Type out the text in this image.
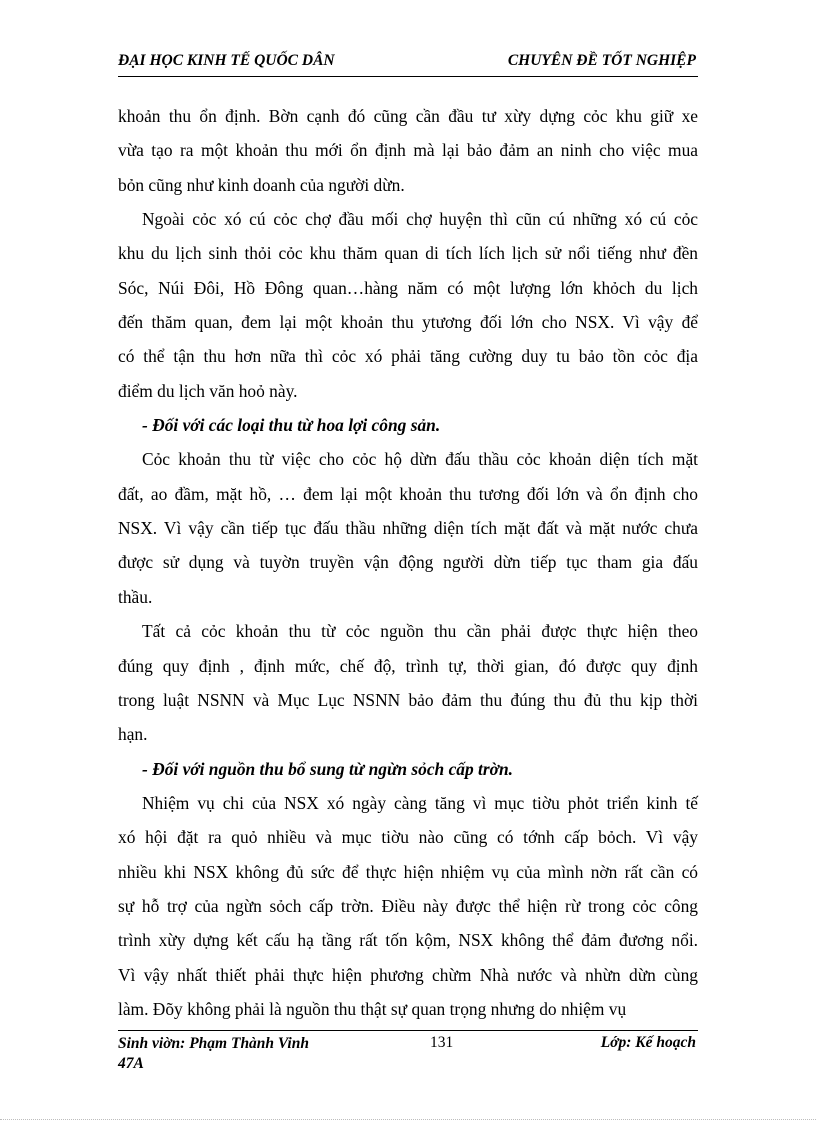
ĐẠI HỌC KINH TẾ QUỐC DÂN	CHUYÊN ĐỀ TỐT NGHIỆP
khoản thu ổn định. Bờn cạnh đó cũng cần đầu tư xừy dựng cỏc khu giữ xe
vừa tạo ra một khoản thu mới ổn định mà lại bảo đảm an ninh cho việc mua
bỏn cũng như kinh doanh của người dừn.
Ngoài cỏc xó cú cỏc chợ đầu mối chợ huyện thì cũn cú những xó cú cỏc
khu du lịch sinh thỏi cỏc khu thăm quan di tích lích lịch sử nổi tiếng như đền
Sóc, Núi Đôi, Hồ Đông quan…hàng năm có một lượng lớn khỏch du lịch
đến thăm quan, đem lại một khoản thu ytương đối lớn cho NSX. Vì vậy để
có thể tận thu hơn nữa thì cỏc xó phải tăng cường duy tu bảo tồn cỏc địa
điểm du lịch văn hoỏ này.
- Đối với các loại thu từ hoa lợi công sản.
Cỏc khoản thu từ việc cho cỏc hộ dừn đấu thầu cỏc khoản diện tích mặt
đất, ao đầm, mặt hồ, … đem lại một khoản thu tương đối lớn và ổn định cho
NSX. Vì vậy cần tiếp tục đấu thầu những diện tích mặt đất và mặt nước chưa
được sử dụng và tuyờn truyền vận động người dừn tiếp tục tham gia đấu
thầu.
Tất cả cỏc khoản thu từ cỏc nguồn thu cần phải được thực hiện theo
đúng quy định , định mức, chế độ, trình tự, thời gian, đó được quy định
trong luật NSNN và Mục Lục NSNN bảo đảm thu đúng thu đủ thu kịp thời
hạn.
- Đối với nguồn thu bổ sung từ ngừn sỏch cấp trờn.
Nhiệm vụ chi của NSX xó ngày càng tăng vì mục tiờu phỏt triển kinh tế
xó hội đặt ra quỏ nhiều và mục tiờu nào cũng có tớnh cấp bỏch. Vì vậy
nhiều khi NSX không đủ sức để thực hiện nhiệm vụ của mình nờn rất cần có
sự hỗ trợ của ngừn sỏch cấp trờn. Điều này được thể hiện rừ trong cỏc công
trình xừy dựng kết cấu hạ tầng rất tốn kộm, NSX không thể đảm đương nổi.
Vì vậy nhất thiết phải thực hiện phương chừm Nhà nước và nhừn dừn cùng
làm. Đõy không phải là nguồn thu thật sự quan trọng nhưng do nhiệm vụ
Sinh viờn: Phạm Thành Vinh 47A
131	Lớp: Kế hoạch
